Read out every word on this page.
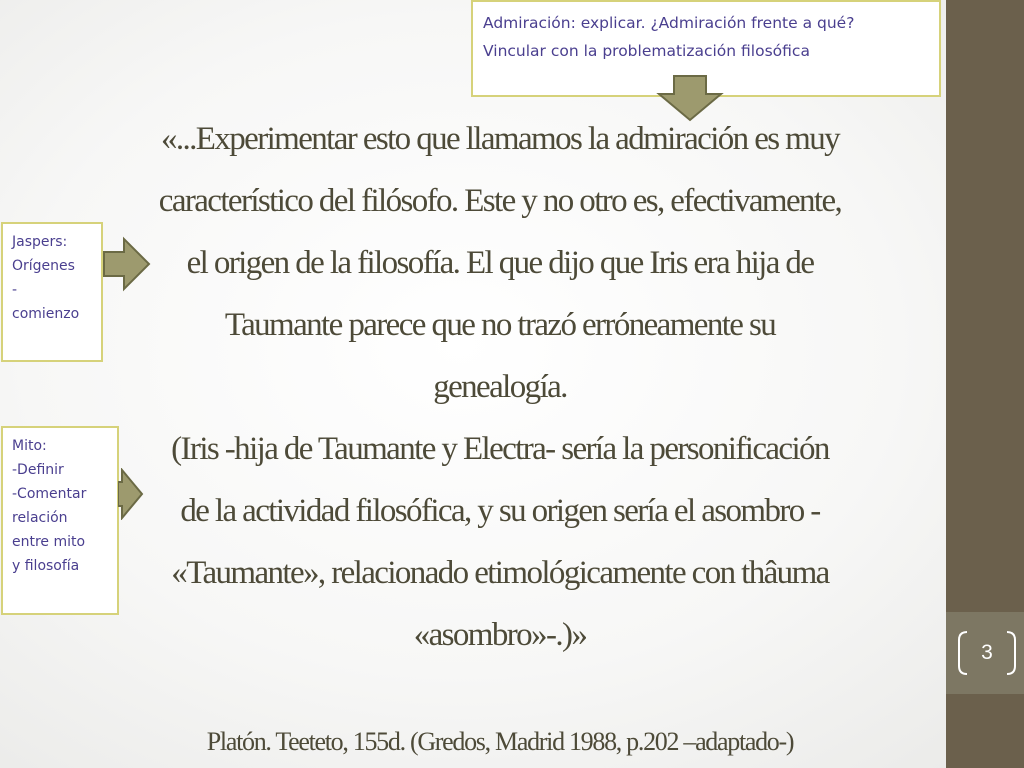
3
Admiración: explicar. ¿Admiración frente a qué?
Vincular con la problematización filosófica
Jaspers:
Orígenes
-
comienzo
Mito:
-Definir
-Comentar
relación
entre mito
y filosofía
«...Experimentar esto que llamamos la admiración es muy
característico del filósofo. Este y no otro es, efectivamente,
el origen de la filosofía. El que dijo que Iris era hija de
Taumante parece que no trazó erróneamente su
genealogía.
(Iris -hija de Taumante y Electra- sería la personificación
de la actividad filosófica, y su origen sería el asombro -
«Taumante», relacionado etimológicamente con thâuma
«asombro»-.)»
Platón. Teeteto, 155d. (Gredos, Madrid 1988, p.202 –adaptado-)
